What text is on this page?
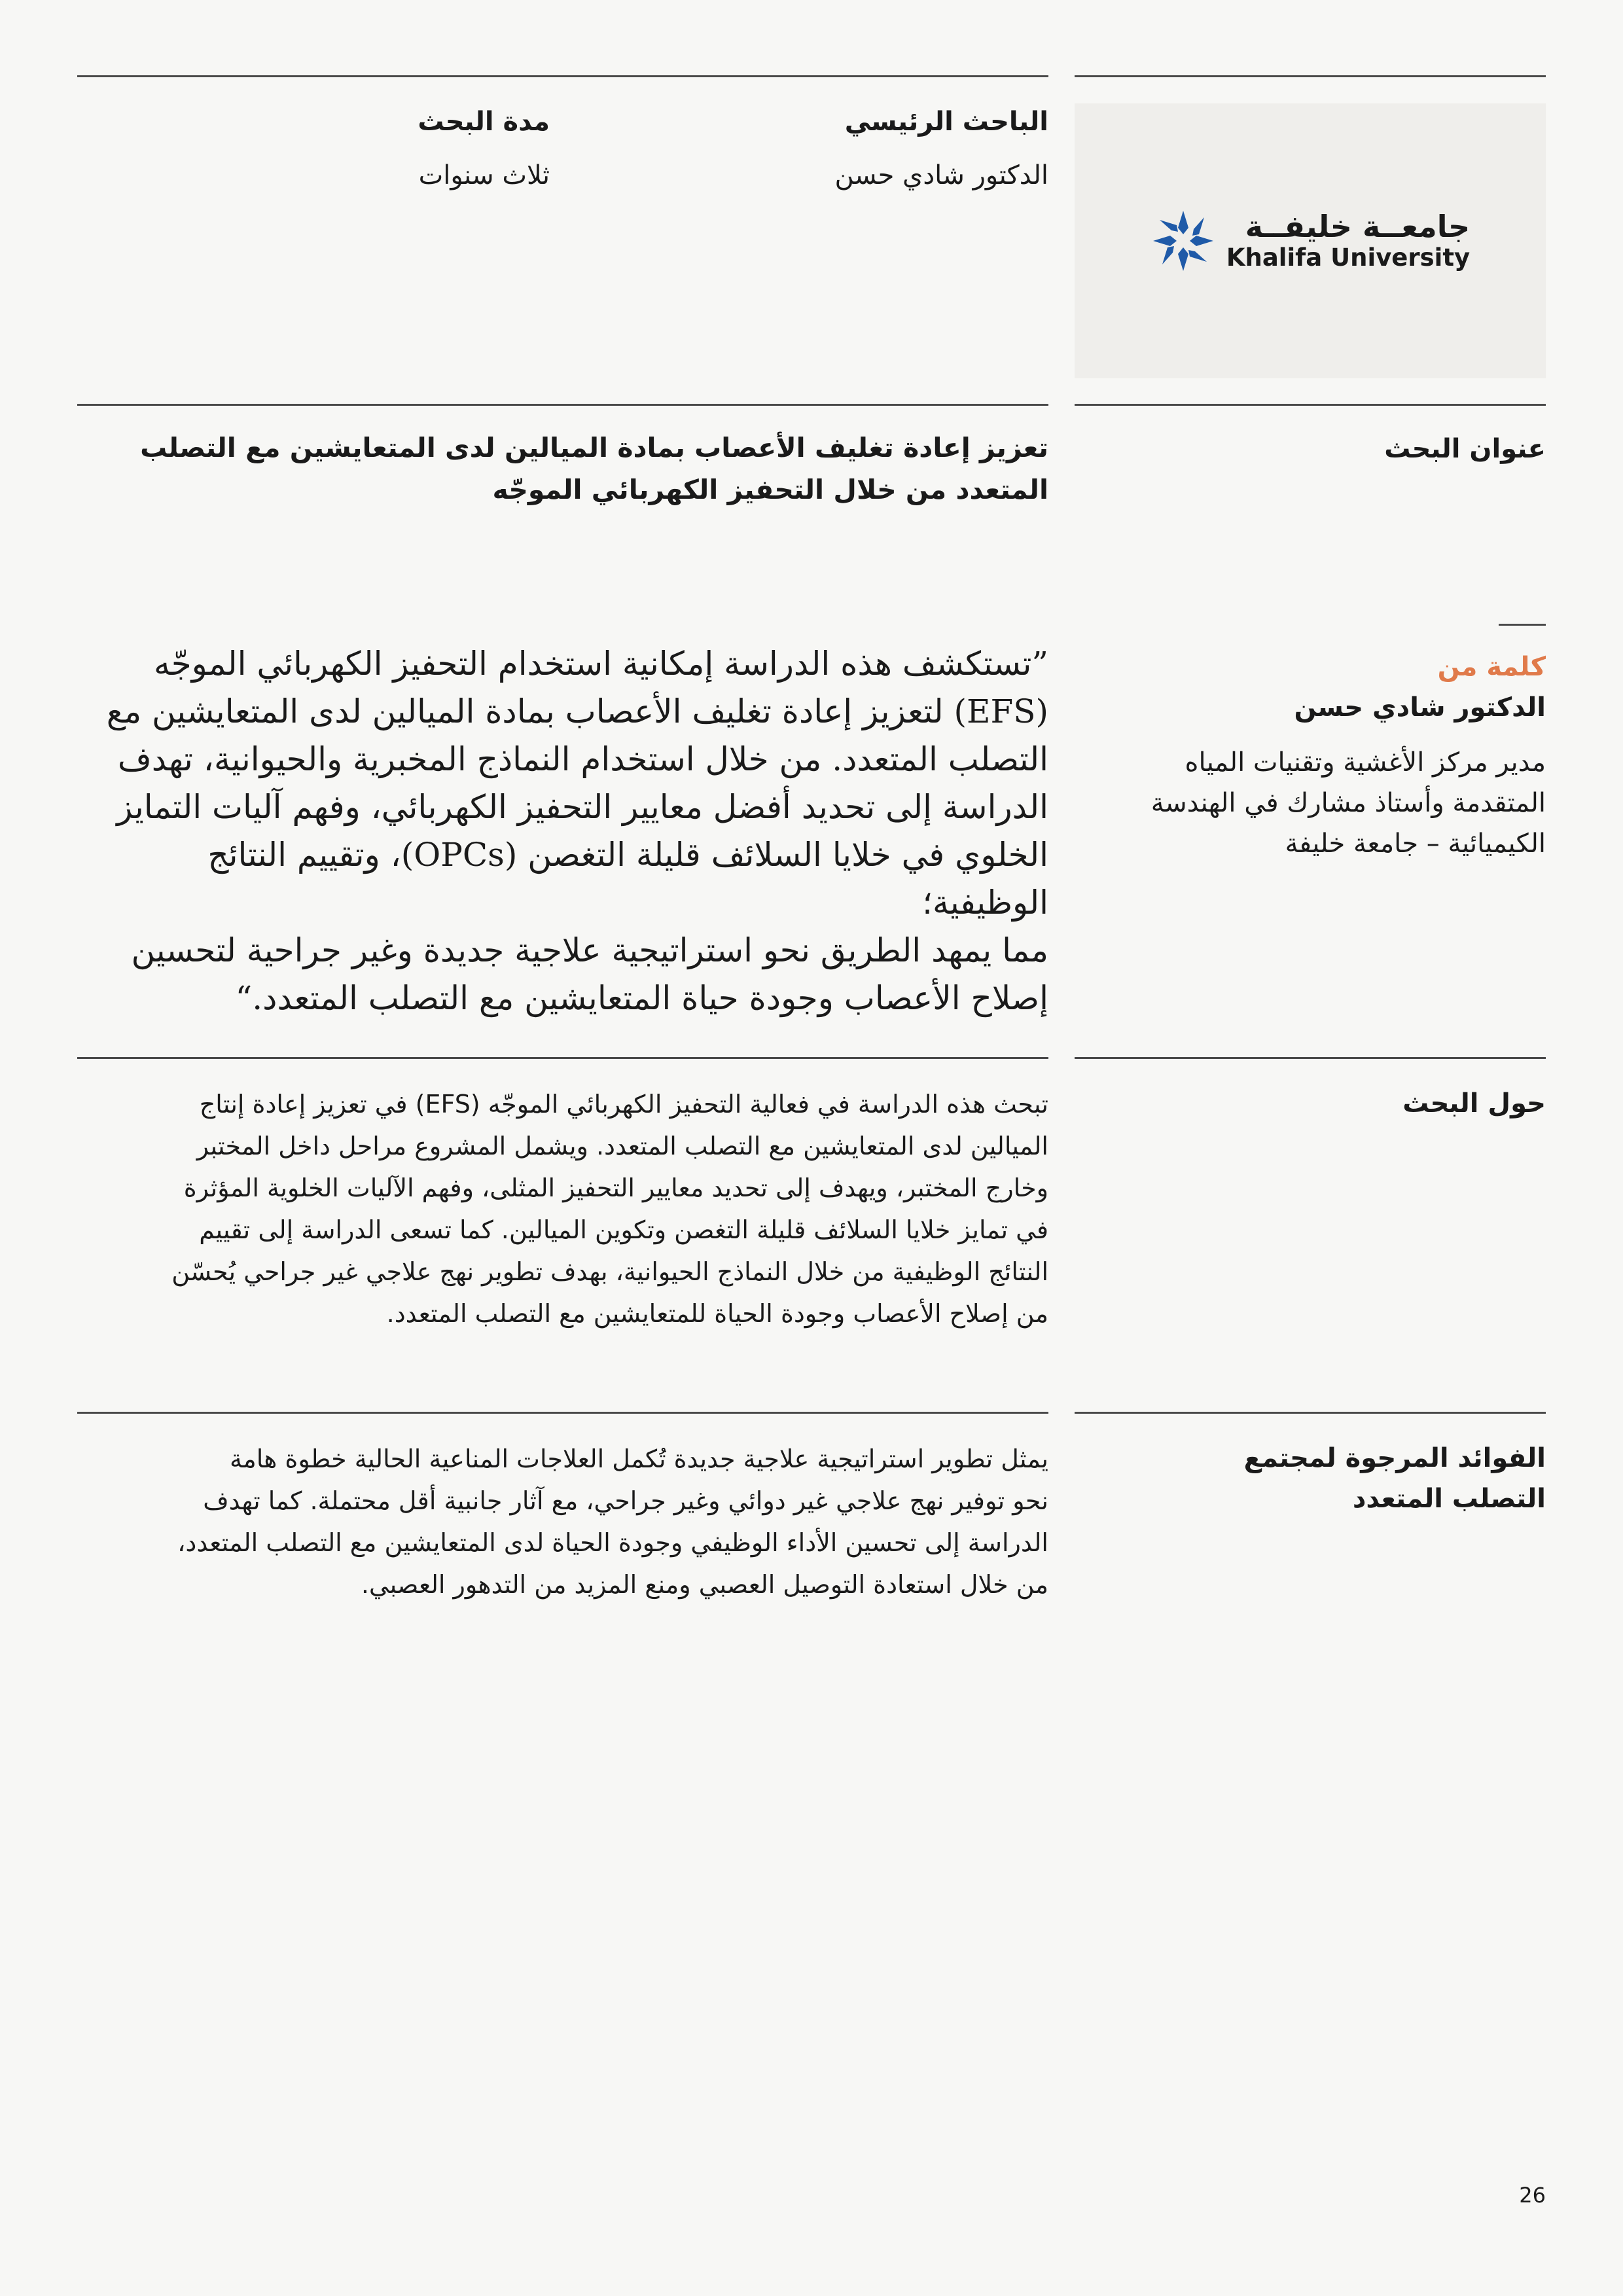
الباحث الرئيسي
الدكتور شادي حسن
مدة البحث
ثلاث سنوات
جامعــة خليفــة
Khalifa University
عنوان البحث
تعزيز إعادة تغليف الأعصاب بمادة الميالين لدى المتعايشين مع التصلب
المتعدد من خلال التحفيز الكهربائي الموجّه
كلمة من
الدكتور شادي حسن
مدير مركز الأغشية وتقنيات المياه
المتقدمة وأستاذ مشارك في الهندسة
الكيميائية – جامعة خليفة
”تستكشف هذه الدراسة إمكانية استخدام التحفيز الكهربائي الموجّه
(EFS) لتعزيز إعادة تغليف الأعصاب بمادة الميالين لدى المتعايشين مع
التصلب المتعدد. من خلال استخدام النماذج المخبرية والحيوانية، تهدف
الدراسة إلى تحديد أفضل معايير التحفيز الكهربائي، وفهم آليات التمايز
الخلوي في خلايا السلائف قليلة التغصن (OPCs)، وتقييم النتائج الوظيفية؛
مما يمهد الطريق نحو استراتيجية علاجية جديدة وغير جراحية لتحسين
إصلاح الأعصاب وجودة حياة المتعايشين مع التصلب المتعدد.“
حول البحث
تبحث هذه الدراسة في فعالية التحفيز الكهربائي الموجّه (EFS) في تعزيز إعادة إنتاج
الميالين لدى المتعايشين مع التصلب المتعدد. ويشمل المشروع مراحل داخل المختبر
وخارج المختبر، ويهدف إلى تحديد معايير التحفيز المثلى، وفهم الآليات الخلوية المؤثرة
في تمايز خلايا السلائف قليلة التغصن وتكوين الميالين. كما تسعى الدراسة إلى تقييم
النتائج الوظيفية من خلال النماذج الحيوانية، بهدف تطوير نهج علاجي غير جراحي يُحسّن
من إصلاح الأعصاب وجودة الحياة للمتعايشين مع التصلب المتعدد.
الفوائد المرجوة لمجتمع
التصلب المتعدد
يمثل تطوير استراتيجية علاجية جديدة تُكمل العلاجات المناعية الحالية خطوة هامة
نحو توفير نهج علاجي غير دوائي وغير جراحي، مع آثار جانبية أقل محتملة. كما تهدف
الدراسة إلى تحسين الأداء الوظيفي وجودة الحياة لدى المتعايشين مع التصلب المتعدد،
من خلال استعادة التوصيل العصبي ومنع المزيد من التدهور العصبي.
26
